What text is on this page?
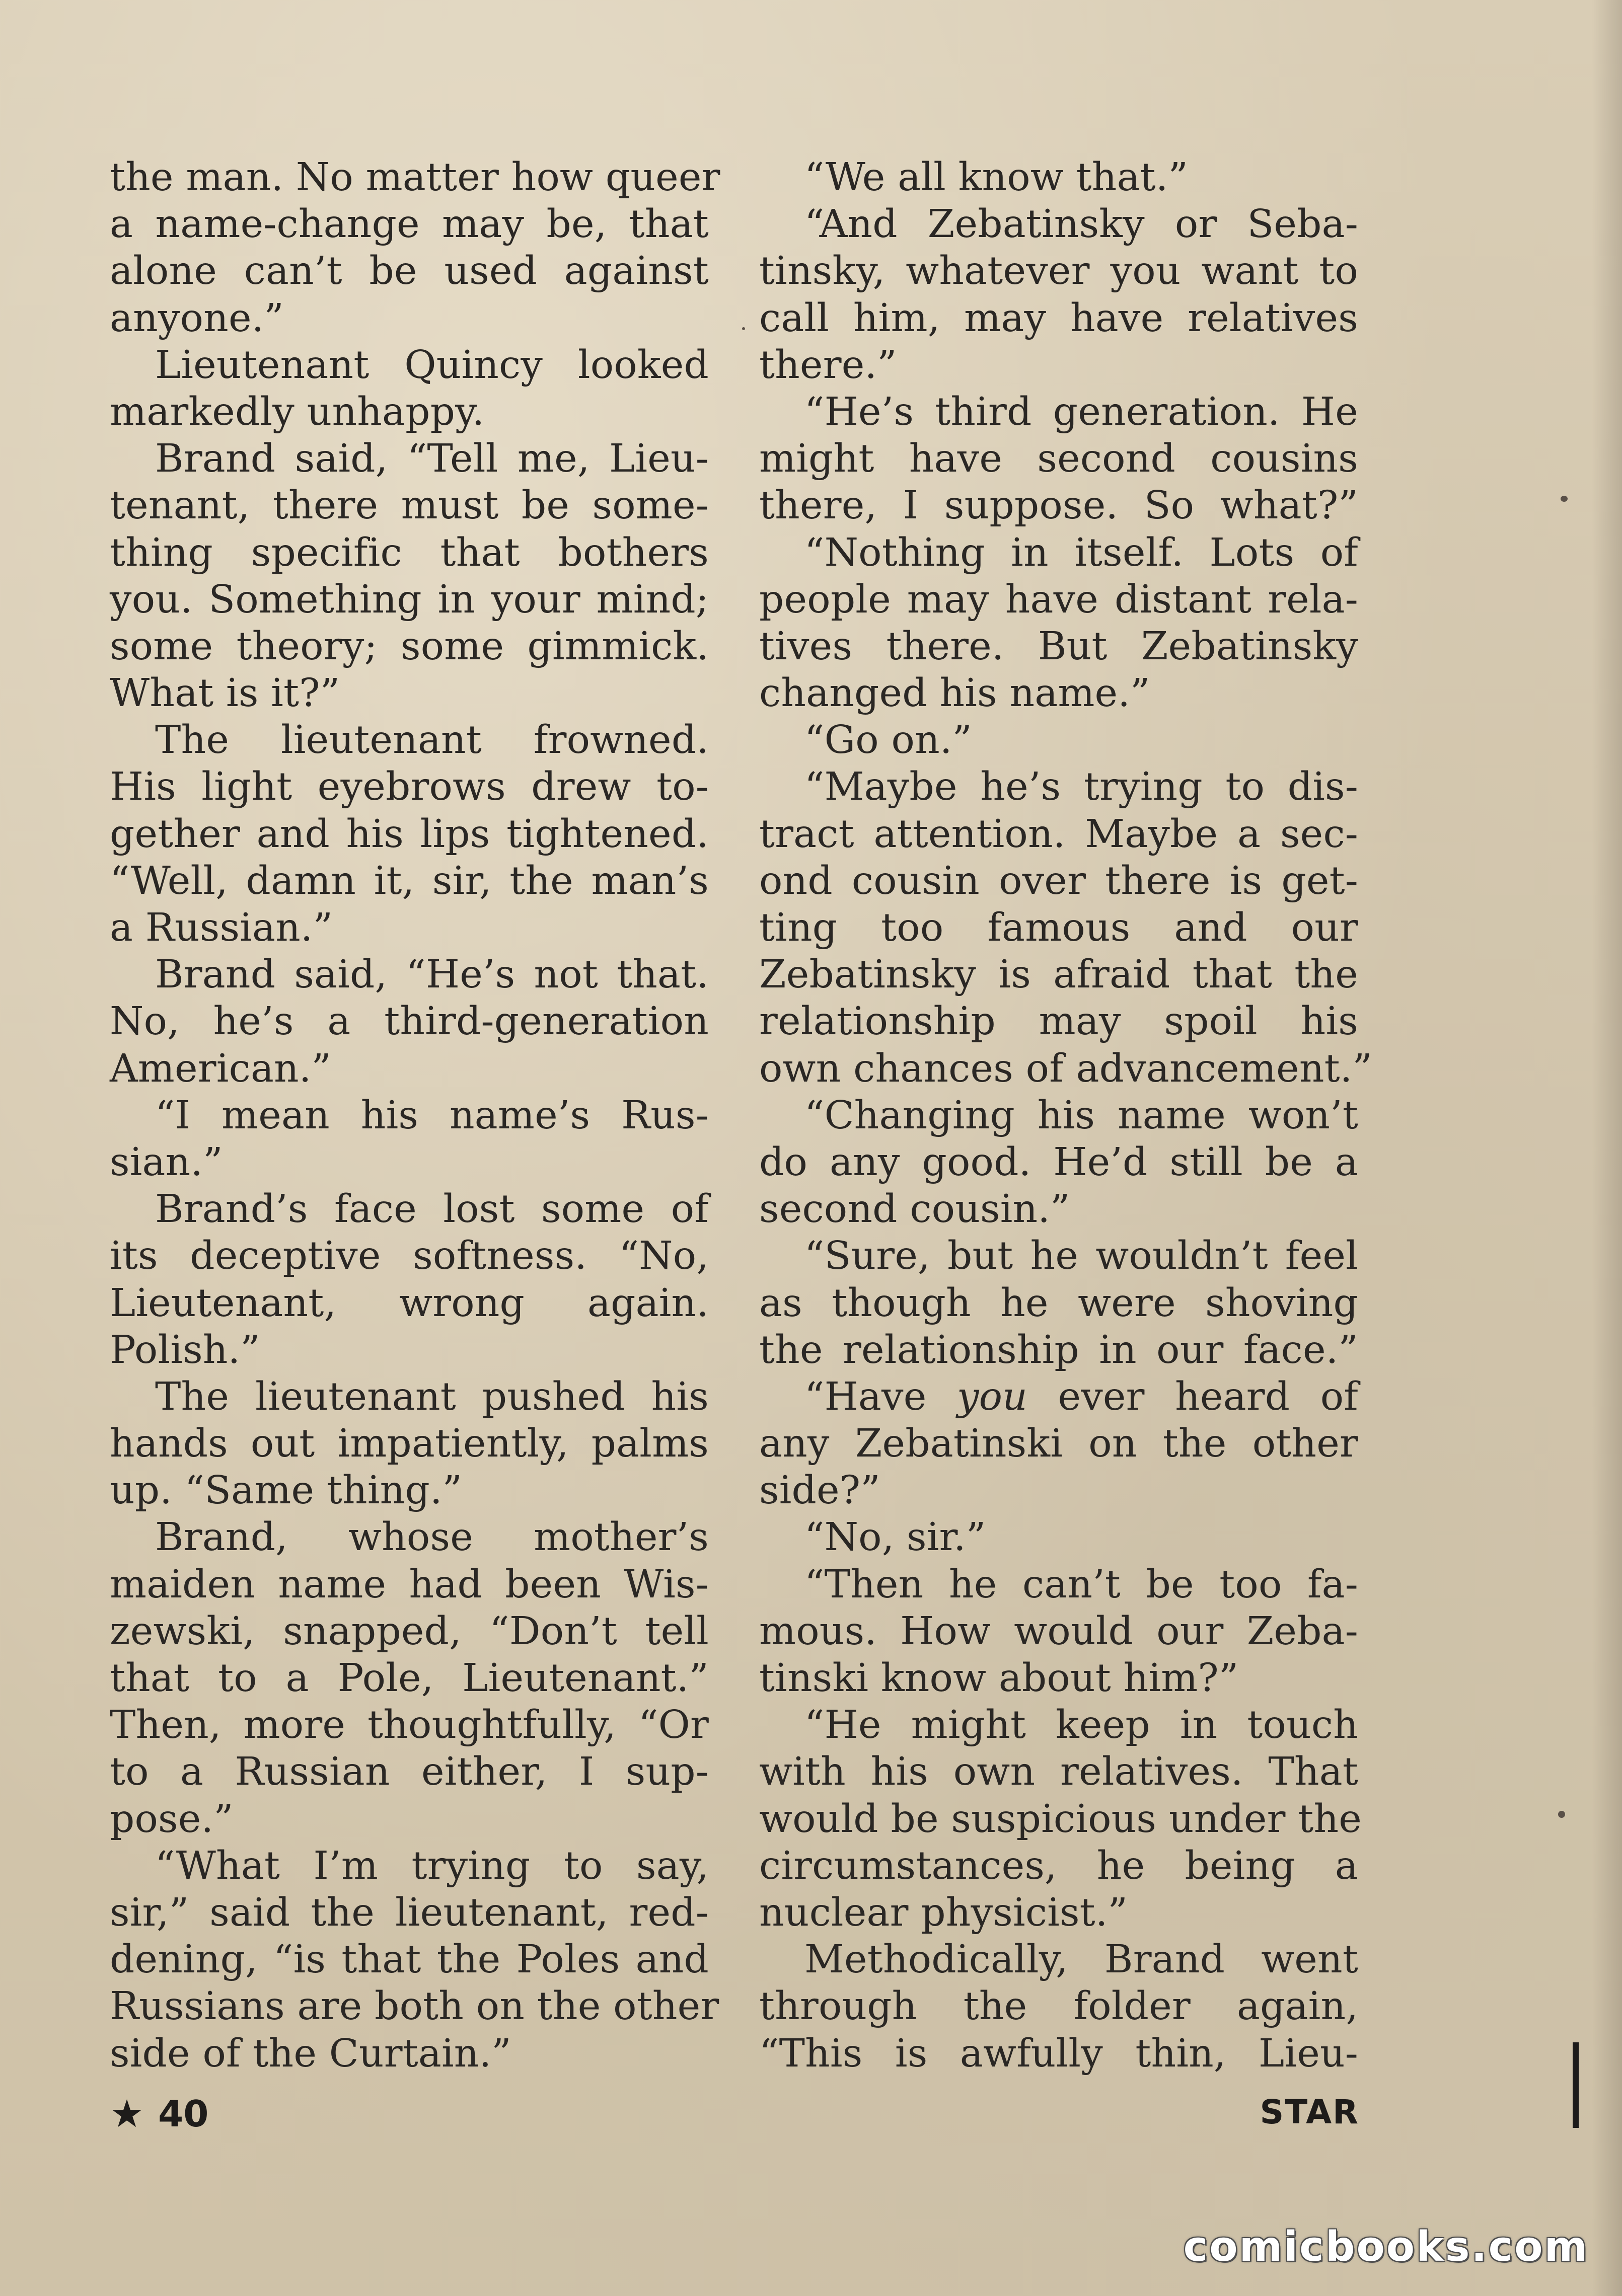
the man. No matter how queer
a name-change may be, that
alone can’t be used against
anyone.”
Lieutenant Quincy looked
markedly unhappy.
Brand said, “Tell me, Lieu-
tenant, there must be some-
thing specific that bothers
you. Something in your mind;
some theory; some gimmick.
What is it?”
The lieutenant frowned.
His light eyebrows drew to-
gether and his lips tightened.
“Well, damn it, sir, the man’s
a Russian.”
Brand said, “He’s not that.
No, he’s a third-generation
American.”
“I mean his name’s Rus-
sian.”
Brand’s face lost some of
its deceptive softness. “No,
Lieutenant, wrong again.
Polish.”
The lieutenant pushed his
hands out impatiently, palms
up. “Same thing.”
Brand, whose mother’s
maiden name had been Wis-
zewski, snapped, “Don’t tell
that to a Pole, Lieutenant.”
Then, more thoughtfully, “Or
to a Russian either, I sup-
pose.”
“What I’m trying to say,
sir,” said the lieutenant, red-
dening, “is that the Poles and
Russians are both on the other
side of the Curtain.”
“We all know that.”
“And Zebatinsky or Seba-
tinsky, whatever you want to
call him, may have relatives
there.”
“He’s third generation. He
might have second cousins
there, I suppose. So what?”
“Nothing in itself. Lots of
people may have distant rela-
tives there. But Zebatinsky
changed his name.”
“Go on.”
“Maybe he’s trying to dis-
tract attention. Maybe a sec-
ond cousin over there is get-
ting too famous and our
Zebatinsky is afraid that the
relationship may spoil his
own chances of advancement.”
“Changing his name won’t
do any good. He’d still be a
second cousin.”
“Sure, but he wouldn’t feel
as though he were shoving
the relationship in our face.”
“Have you ever heard of
any Zebatinski on the other
side?”
“No, sir.”
“Then he can’t be too fa-
mous. How would our Zeba-
tinski know about him?”
“He might keep in touch
with his own relatives. That
would be suspicious under the
circumstances, he being a
nuclear physicist.”
Methodically, Brand went
through the folder again,
“This is awfully thin, Lieu-
★ 40	STAR
comicbooks.com
